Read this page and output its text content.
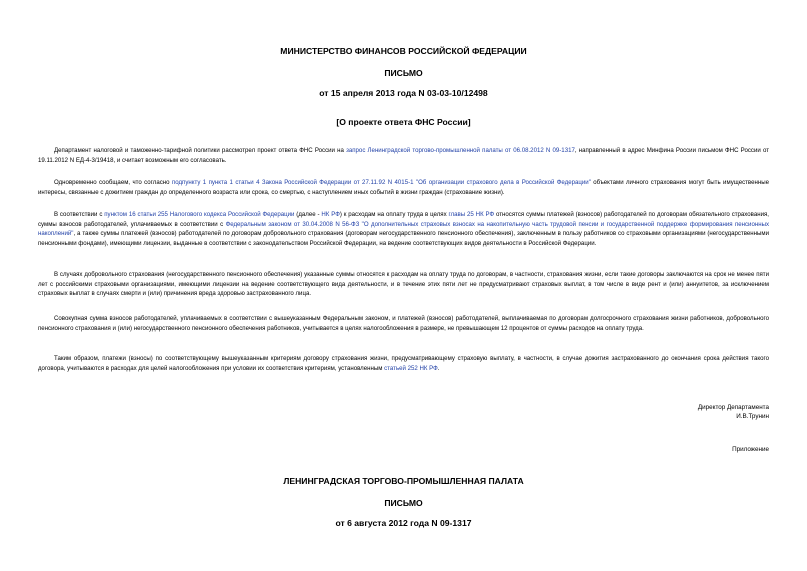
МИНИСТЕРСТВО ФИНАНСОВ РОССИЙСКОЙ ФЕДЕРАЦИИ
ПИСЬМО
от 15 апреля 2013 года N 03-03-10/12498
[О проекте ответа ФНС России]

Департамент налоговой и таможенно-тарифной политики рассмотрел проект ответа ФНС России на запрос Ленинградской торгово-промышленной палаты от 06.08.2012 N 09-1317, направленный в адрес Минфина России письмом ФНС России от 19.11.2012 N ЕД-4-3/19418, и считает возможным его согласовать.

Одновременно сообщаем, что согласно подпункту 1 пункта 1 статьи 4 Закона Российской Федерации от 27.11.92 N 4015-1 "Об организации страхового дела в Российской Федерации" объектами личного страхования могут быть имущественные интересы, связанные с дожитием граждан до определенного возраста или срока, со смертью, с наступлением иных событий в жизни граждан (страхование жизни).

В соответствии с пунктом 16 статьи 255 Налогового кодекса Российской Федерации (далее - НК РФ) к расходам на оплату труда в целях главы 25 НК РФ относятся суммы платежей (взносов) работодателей по договорам обязательного страхования, суммы взносов работодателей, уплачиваемых в соответствии с Федеральным законом от 30.04.2008 N 56-ФЗ "О дополнительных страховых взносах на накопительную часть трудовой пенсии и государственной поддержке формирования пенсионных накоплений", а также суммы платежей (взносов) работодателей по договорам добровольного страхования (договорам негосударственного пенсионного обеспечения), заключенным в пользу работников со страховыми организациями (негосударственными пенсионными фондами), имеющими лицензии, выданные в соответствии с законодательством Российской Федерации, на ведение соответствующих видов деятельности в Российской Федерации.

В случаях добровольного страхования (негосударственного пенсионного обеспечения) указанные суммы относятся к расходам на оплату труда по договорам, в частности, страхования жизни, если такие договоры заключаются на срок не менее пяти лет с российскими страховыми организациями, имеющими лицензии на ведение соответствующего вида деятельности, и в течение этих пяти лет не предусматривают страховых выплат, в том числе в виде рент и (или) аннуитетов, за исключением страховых выплат в случаях смерти и (или) причинения вреда здоровью застрахованного лица.

Совокупная сумма взносов работодателей, уплачиваемых в соответствии с вышеуказанным Федеральным законом, и платежей (взносов) работодателей, выплачиваемая по договорам долгосрочного страхования жизни работников, добровольного пенсионного страхования и (или) негосударственного пенсионного обеспечения работников, учитывается в целях налогообложения в размере, не превышающем 12 процентов от суммы расходов на оплату труда.

Таким образом, платежи (взносы) по соответствующему вышеуказанным критериям договору страхования жизни, предусматривающему страховую выплату, в частности, в случае дожития застрахованного до окончания срока действия такого договора, учитываются в расходах для целей налогообложения при условии их соответствия критериям, установленным статьей 252 НК РФ.

Директор Департамента
И.В.Трунин
Приложение
ЛЕНИНГРАДСКАЯ ТОРГОВО-ПРОМЫШЛЕННАЯ ПАЛАТА
ПИСЬМО
от 6 августа 2012 года N 09-1317
